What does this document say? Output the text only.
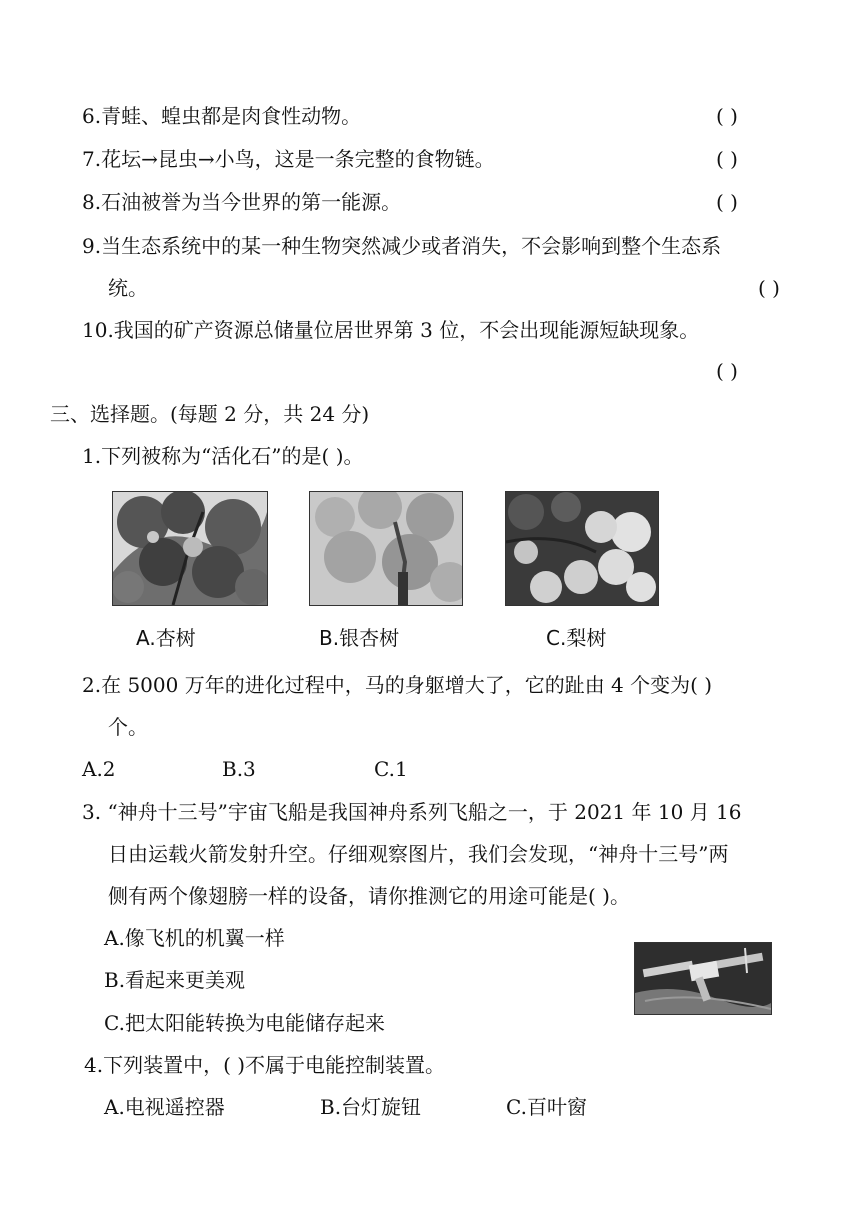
6.青蛙、蝗虫都是肉食性动物。	( )
7.花坛→昆虫→小鸟，这是一条完整的食物链。	( )
8.石油被誉为当今世界的第一能源。	( )
9.当生态系统中的某一种生物突然减少或者消失，不会影响到整个生态系
统。	( )
10.我国的矿产资源总储量位居世界第 3 位，不会出现能源短缺现象。
( )
三、选择题。(每题 2 分，共 24 分)
1.下列被称为“活化石”的是( )。
A.杏树	B.银杏树	C.梨树
2.在 5000 万年的进化过程中，马的身躯增大了，它的趾由 4 个变为( )
个。
A.2	B.3	C.1
3. “神舟十三号”宇宙飞船是我国神舟系列飞船之一，于 2021 年 10 月 16
日由运载火箭发射升空。仔细观察图片，我们会发现，“神舟十三号”两
侧有两个像翅膀一样的设备，请你推测它的用途可能是( )。
A.像飞机的机翼一样
B.看起来更美观
C.把太阳能转换为电能储存起来
4.下列装置中，( )不属于电能控制装置。
A.电视遥控器	B.台灯旋钮	C.百叶窗
